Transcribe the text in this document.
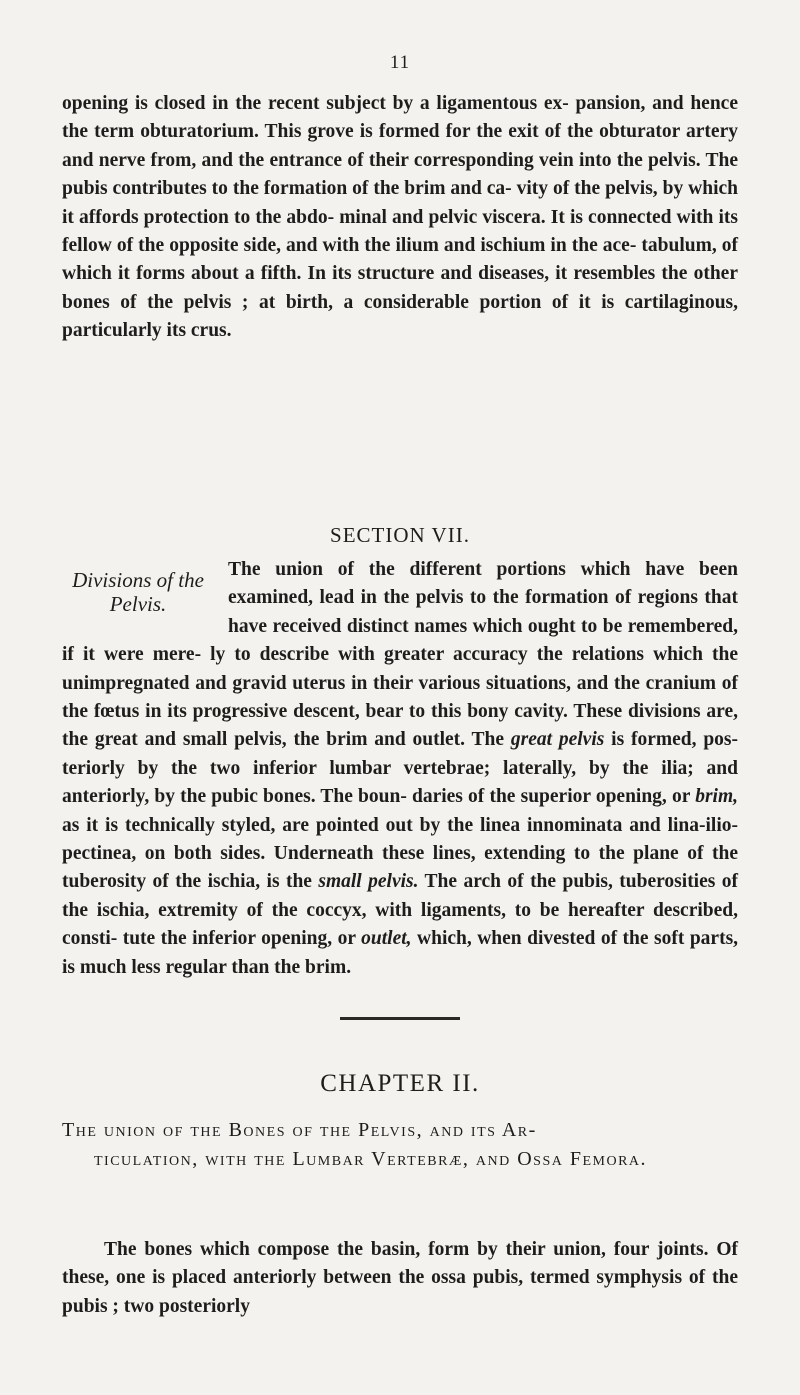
11

opening is closed in the recent subject by a ligamentous ex- pansion, and hence the term obturatorium. This grove is formed for the exit of the obturator artery and nerve from, and the entrance of their corresponding vein into the pelvis. The pubis contributes to the formation of the brim and ca- vity of the pelvis, by which it affords protection to the abdo- minal and pelvic viscera. It is connected with its fellow of the opposite side, and with the ilium and ischium in the ace- tabulum, of which it forms about a fifth. In its structure and diseases, it resembles the other bones of the pelvis ; at birth, a considerable portion of it is cartilaginous, particularly its crus.

SECTION VII.
Divisions of the
Pelvis.

The union of the different portions which have been examined, lead in the pelvis to the formation of regions that have received distinct names which ought to be remembered, if it were mere- ly to describe with greater accuracy the relations which the unimpregnated and gravid uterus in their various situations, and the cranium of the fœtus in its progressive descent, bear to this bony cavity. These divisions are, the great and small pelvis, the brim and outlet. The great pelvis is formed, pos- teriorly by the two inferior lumbar vertebrae; laterally, by the ilia; and anteriorly, by the pubic bones. The boun- daries of the superior opening, or brim, as it is technically styled, are pointed out by the linea innominata and lina-ilio- pectinea, on both sides. Underneath these lines, extending to the plane of the tuberosity of the ischia, is the small pelvis. The arch of the pubis, tuberosities of the ischia, extremity of the coccyx, with ligaments, to be hereafter described, consti- tute the inferior opening, or outlet, which, when divested of the soft parts, is much less regular than the brim.

CHAPTER II.
The union of the Bones of the Pelvis, and its Ar-
ticulation, with the Lumbar Vertebræ, and Ossa Femora.

The bones which compose the basin, form by their union, four joints. Of these, one is placed anteriorly between the ossa pubis, termed symphysis of the pubis ; two posteriorly
